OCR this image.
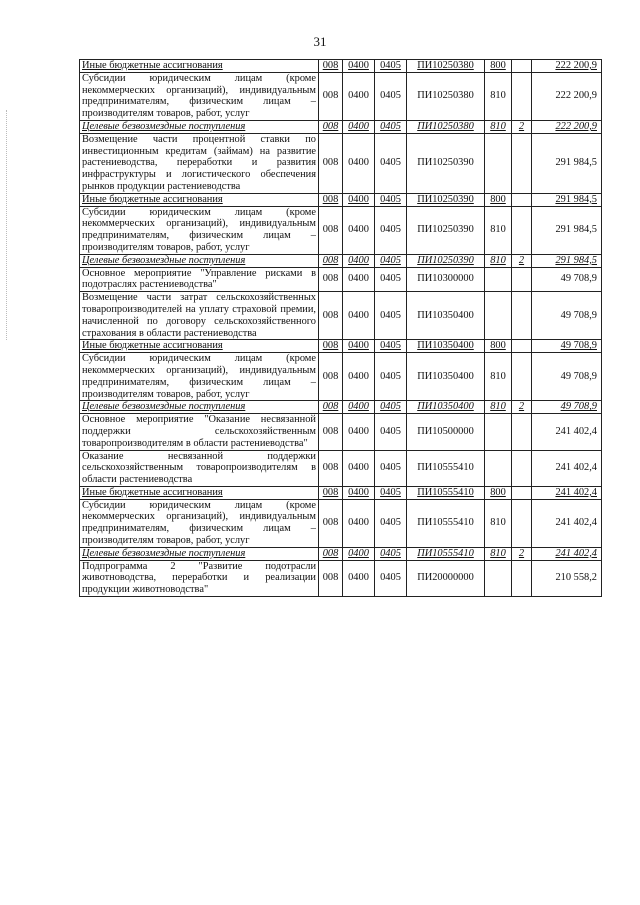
31
Иные бюджетные ассигнования	008	0400	0405	ПИ10250380	800		222 200,9
Субсидии юридическим лицам (кроме некоммерческих организаций), индивидуальным предпринимателям, физическим лицам – производителям товаров, работ, услуг	008	0400	0405	ПИ10250380	810		222 200,9
Целевые безвозмездные поступления	008	0400	0405	ПИ10250380	810	2	222 200,9
Возмещение части процентной ставки по инвестиционным кредитам (займам) на развитие растениеводства, переработки и развития инфраструктуры и логистического обеспечения рынков продукции растениеводства	008	0400	0405	ПИ10250390			291 984,5
Иные бюджетные ассигнования	008	0400	0405	ПИ10250390	800		291 984,5
Субсидии юридическим лицам (кроме некоммерческих организаций), индивидуальным предпринимателям, физическим лицам – производителям товаров, работ, услуг	008	0400	0405	ПИ10250390	810		291 984,5
Целевые безвозмездные поступления	008	0400	0405	ПИ10250390	810	2	291 984,5
Основное мероприятие "Управление рисками в подотраслях растениеводства"	008	0400	0405	ПИ10300000			49 708,9
Возмещение части затрат сельскохозяйственных товаропроизводителей на уплату страховой премии, начисленной по договору сельскохозяйственного страхования в области растениеводства	008	0400	0405	ПИ10350400			49 708,9
Иные бюджетные ассигнования	008	0400	0405	ПИ10350400	800		49 708,9
Субсидии юридическим лицам (кроме некоммерческих организаций), индивидуальным предпринимателям, физическим лицам – производителям товаров, работ, услуг	008	0400	0405	ПИ10350400	810		49 708,9
Целевые безвозмездные поступления	008	0400	0405	ПИ10350400	810	2	49 708,9
Основное мероприятие "Оказание несвязанной поддержки сельскохозяйственным товаропроизводителям в области растениеводства"	008	0400	0405	ПИ10500000			241 402,4
Оказание несвязанной поддержки сельскохозяйственным товаропроизводителям в области растениеводства	008	0400	0405	ПИ10555410			241 402,4
Иные бюджетные ассигнования	008	0400	0405	ПИ10555410	800		241 402,4
Субсидии юридическим лицам (кроме некоммерческих организаций), индивидуальным предпринимателям, физическим лицам – производителям товаров, работ, услуг	008	0400	0405	ПИ10555410	810		241 402,4
Целевые безвозмездные поступления	008	0400	0405	ПИ10555410	810	2	241 402,4
Подпрограмма 2 "Развитие подотрасли животноводства, переработки и реализации продукции животноводства"	008	0400	0405	ПИ20000000			210 558,2
